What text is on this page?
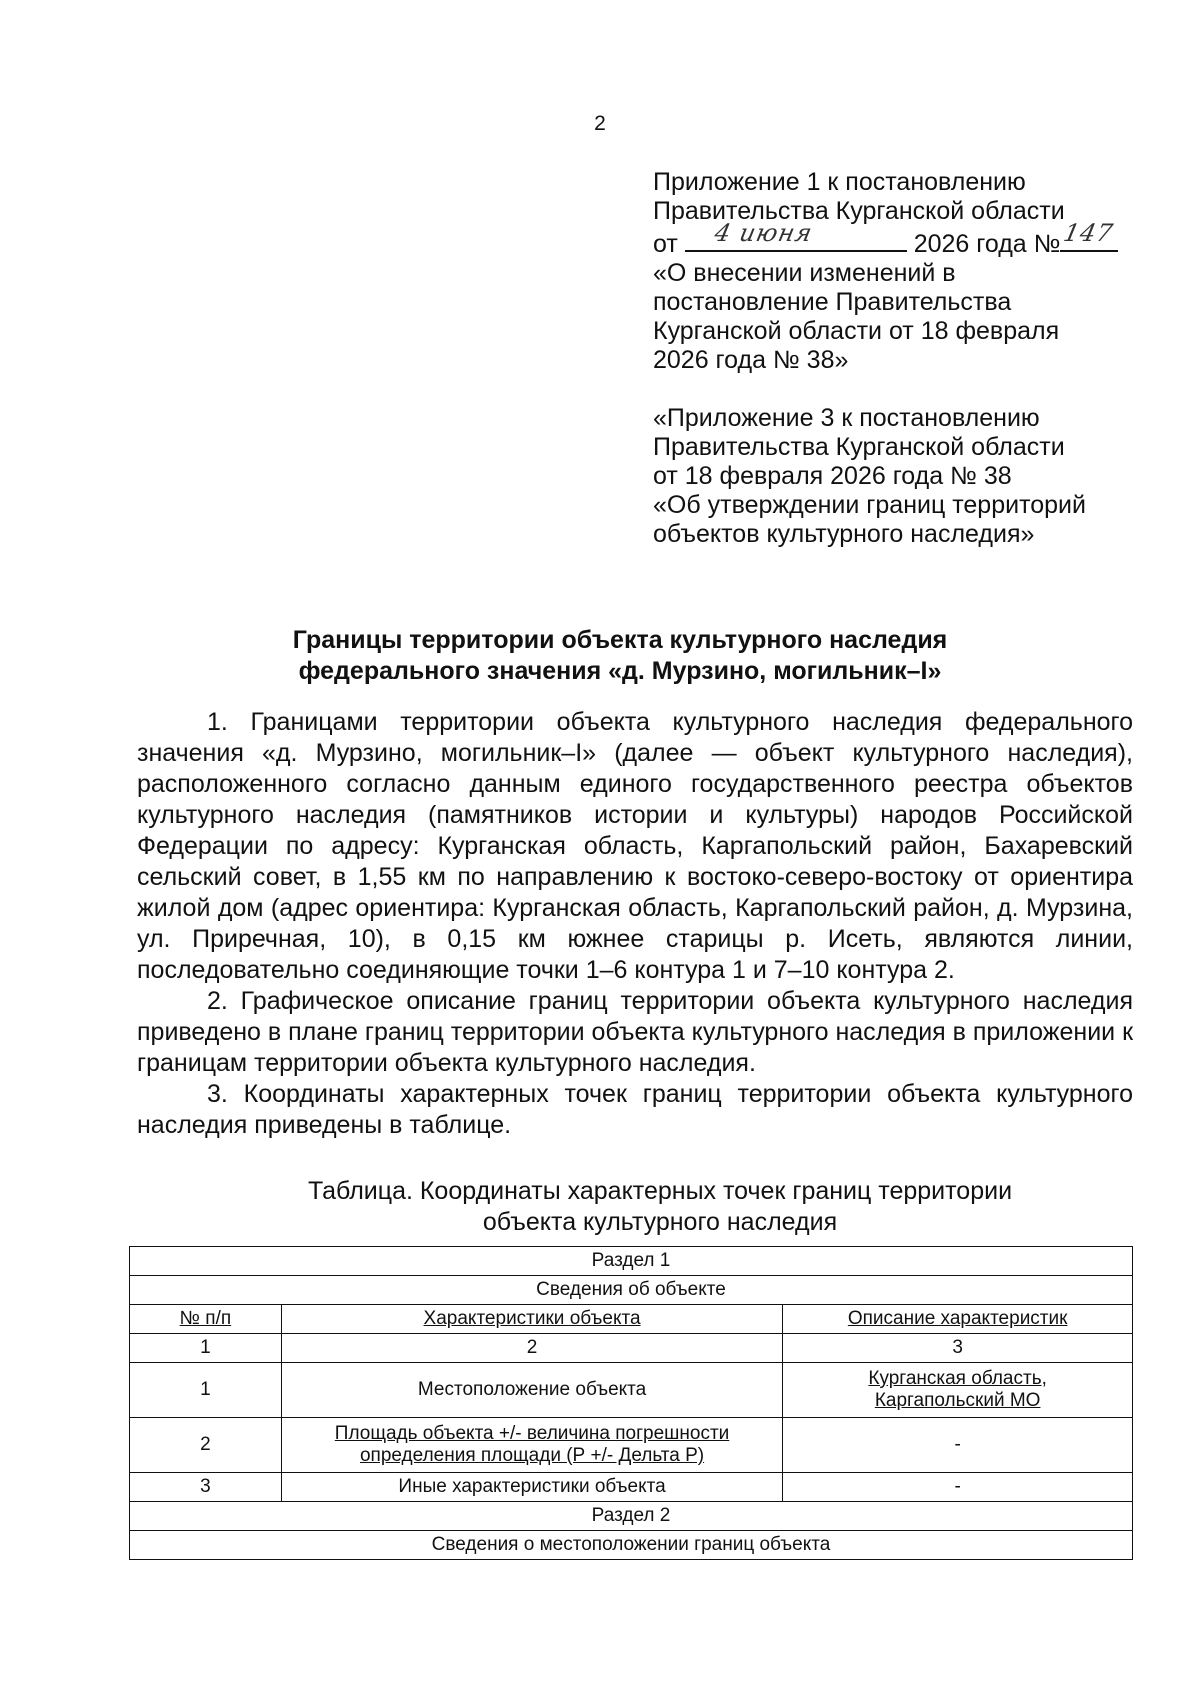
2

Приложение 1 к постановлению

Правительства Курганской области

от 4 июня	2026 года № 147

«О внесении изменений в

постановление Правительства

Курганской области от 18 февраля

2026 года № 38»

«Приложение 3 к постановлению

Правительства Курганской области

от 18 февраля 2026 года № 38

«Об утверждении границ территорий

объектов культурного наследия»

Границы территории объекта культурного наследия

федерального значения «д. Мурзино, могильник–I»

1. Границами территории объекта культурного наследия федерального значения «д. Мурзино, могильник–I» (далее — объект культурного наследия), расположенного согласно данным единого государственного реестра объектов культурного наследия (памятников истории и культуры) народов Российской Федерации по адресу: Курганская область, Каргапольский район, Бахаревский сельский совет, в 1,55 км по направлению к востоко-северо-востоку от ориентира жилой дом (адрес ориентира: Курганская область, Каргапольский район, д. Мурзина, ул. Приречная, 10), в 0,15 км южнее старицы р. Исеть, являются линии, последовательно соединяющие точки 1–6 контура 1 и 7–10 контура 2.

2. Графическое описание границ территории объекта культурного наследия приведено в плане границ территории объекта культурного наследия в приложении к границам территории объекта культурного наследия.

3. Координаты характерных точек границ территории объекта культурного наследия приведены в таблице.

Таблица. Координаты характерных точек границ территории

объекта культурного наследия

Раздел 1		
Сведения об объекте		
№ п/п	Характеристики объекта	Описание характеристик
1	2	3
1	Местоположение объекта	Курганская область,
Каргапольский МО
2	Площадь объекта +/- величина погрешности
определения площади (Р +/- Дельта Р)	-
3	Иные характеристики объекта	-
Раздел 2		
Сведения о местоположении границ объекта		
